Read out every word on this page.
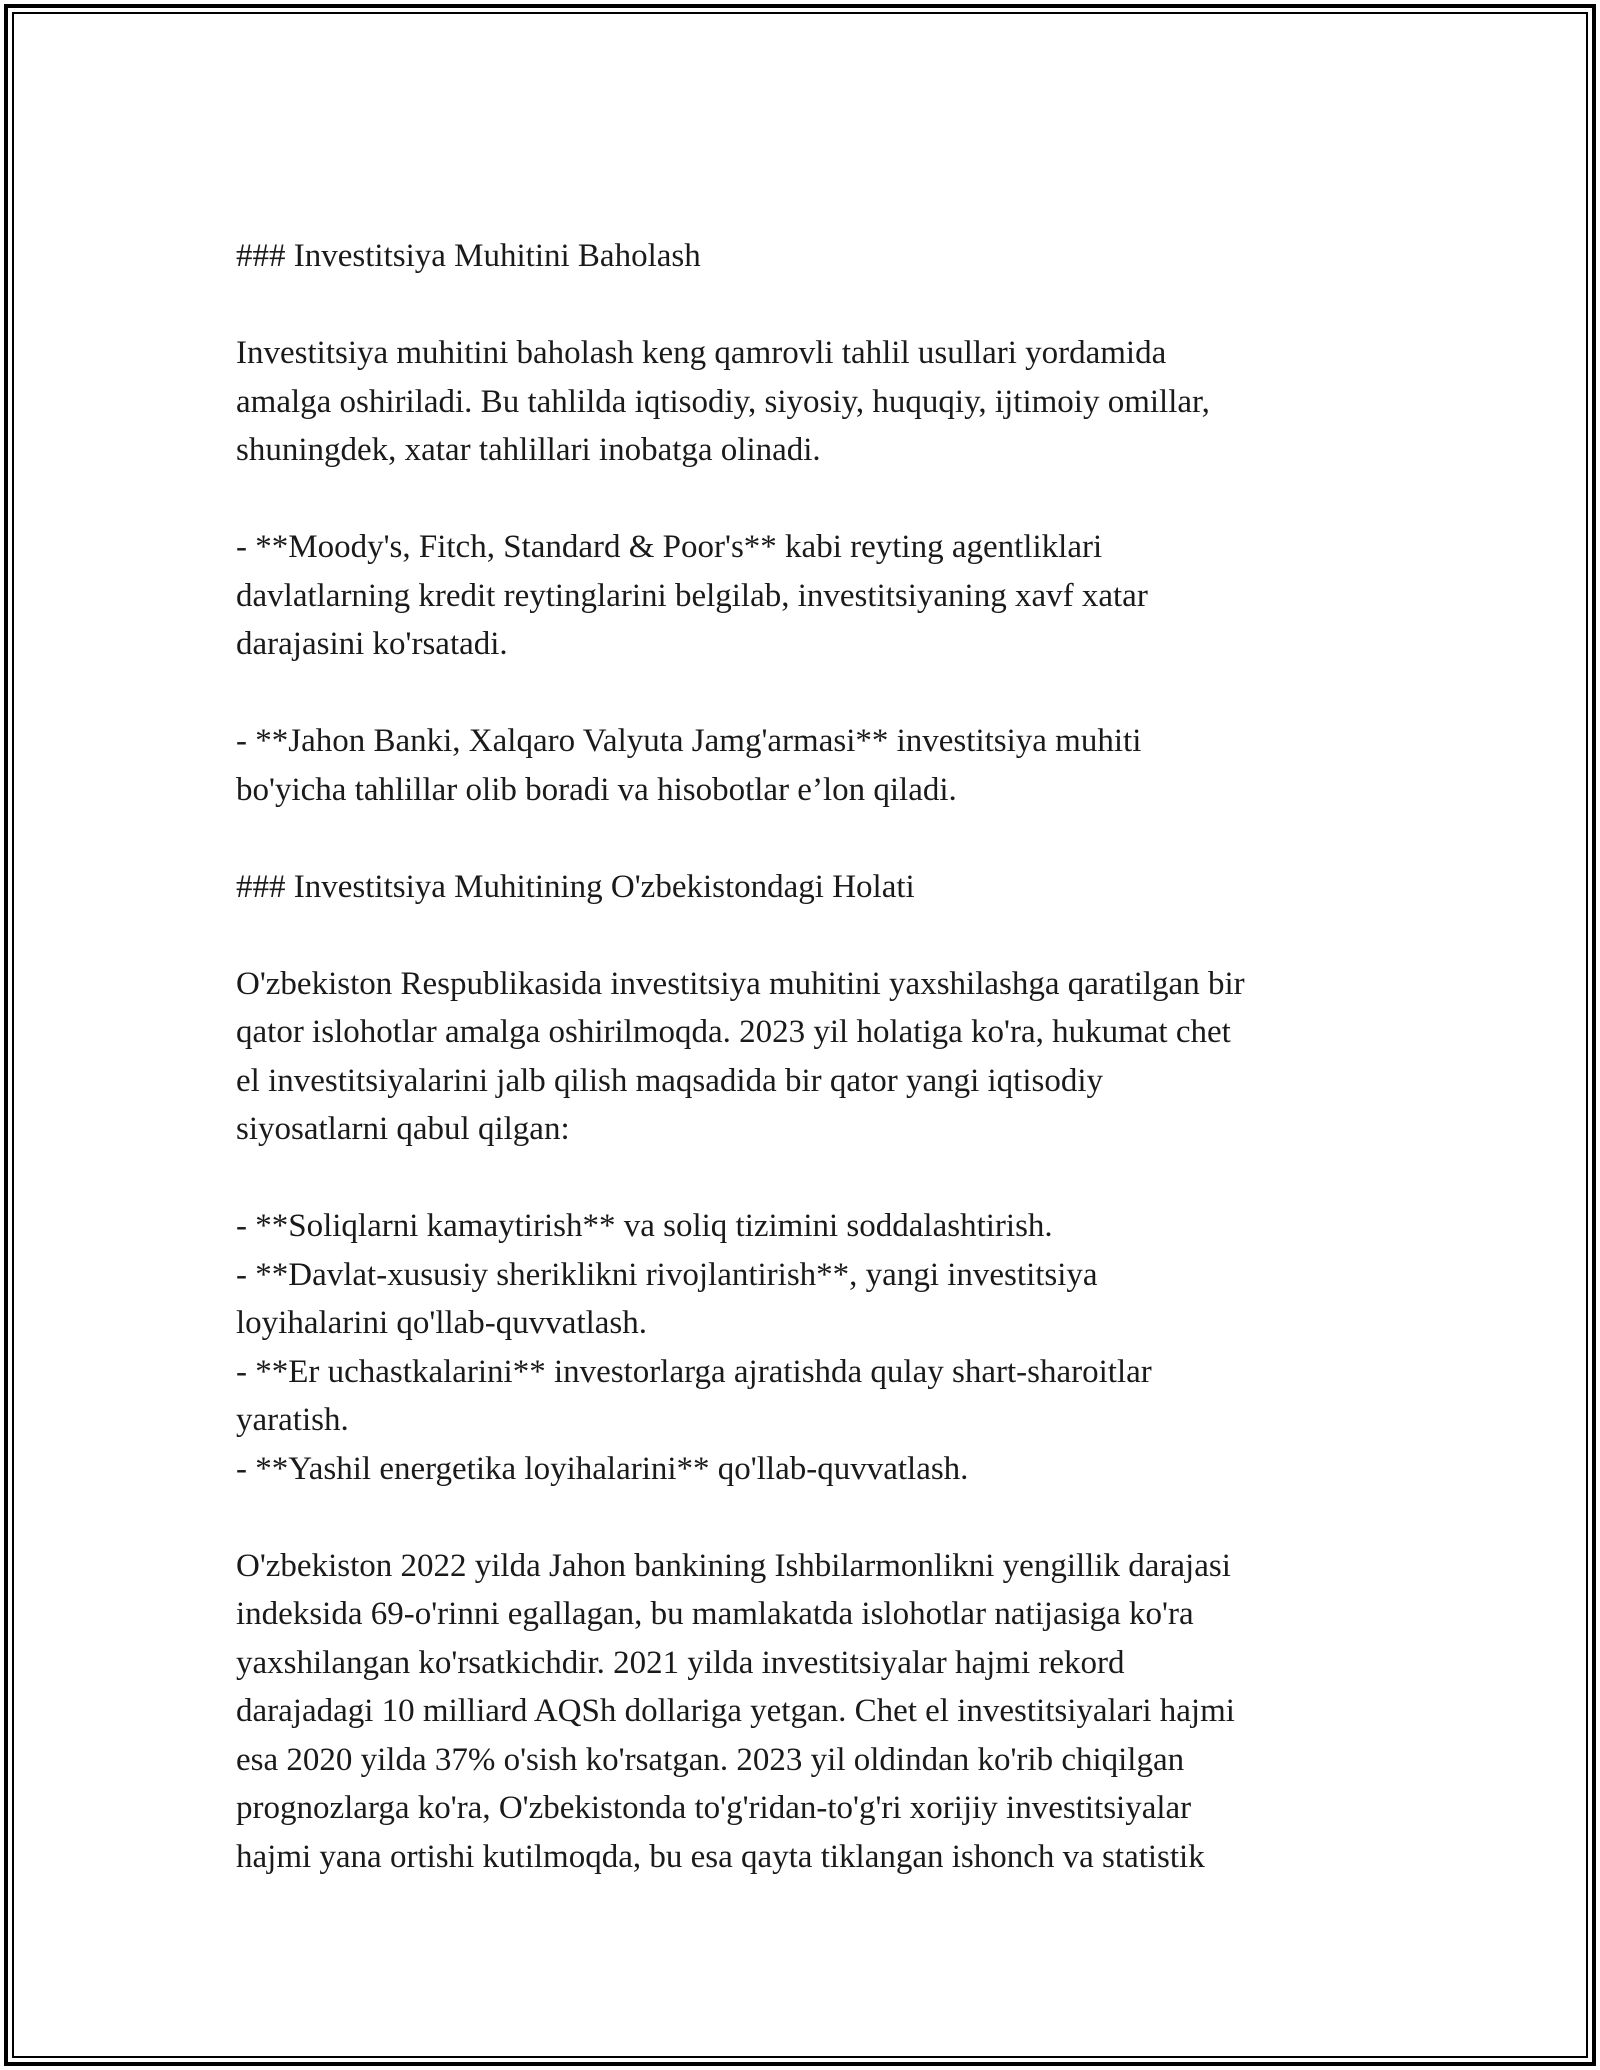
### Investitsiya Muhitini Baholash

Investitsiya muhitini baholash keng qamrovli tahlil usullari yordamida

amalga oshiriladi. Bu tahlilda iqtisodiy, siyosiy, huquqiy, ijtimoiy omillar,

shuningdek, xatar tahlillari inobatga olinadi.

- **Moody's, Fitch, Standard & Poor's** kabi reyting agentliklari

davlatlarning kredit reytinglarini belgilab, investitsiyaning xavf xatar

darajasini ko'rsatadi.

- **Jahon Banki, Xalqaro Valyuta Jamg'armasi** investitsiya muhiti

bo'yicha tahlillar olib boradi va hisobotlar e’lon qiladi.

### Investitsiya Muhitining O'zbekistondagi Holati

O'zbekiston Respublikasida investitsiya muhitini yaxshilashga qaratilgan bir

qator islohotlar amalga oshirilmoqda. 2023 yil holatiga ko'ra, hukumat chet

el investitsiyalarini jalb qilish maqsadida bir qator yangi iqtisodiy

siyosatlarni qabul qilgan:

- **Soliqlarni kamaytirish** va soliq tizimini soddalashtirish.

- **Davlat-xususiy sheriklikni rivojlantirish**, yangi investitsiya

loyihalarini qo'llab-quvvatlash.

- **Er uchastkalarini** investorlarga ajratishda qulay shart-sharoitlar

yaratish.

- **Yashil energetika loyihalarini** qo'llab-quvvatlash.

O'zbekiston 2022 yilda Jahon bankining Ishbilarmonlikni yengillik darajasi

indeksida 69-o'rinni egallagan, bu mamlakatda islohotlar natijasiga ko'ra

yaxshilangan ko'rsatkichdir. 2021 yilda investitsiyalar hajmi rekord

darajadagi 10 milliard AQSh dollariga yetgan. Chet el investitsiyalari hajmi

esa 2020 yilda 37% o'sish ko'rsatgan. 2023 yil oldindan ko'rib chiqilgan

prognozlarga ko'ra, O'zbekistonda to'g'ridan-to'g'ri xorijiy investitsiyalar

hajmi yana ortishi kutilmoqda, bu esa qayta tiklangan ishonch va statistik
